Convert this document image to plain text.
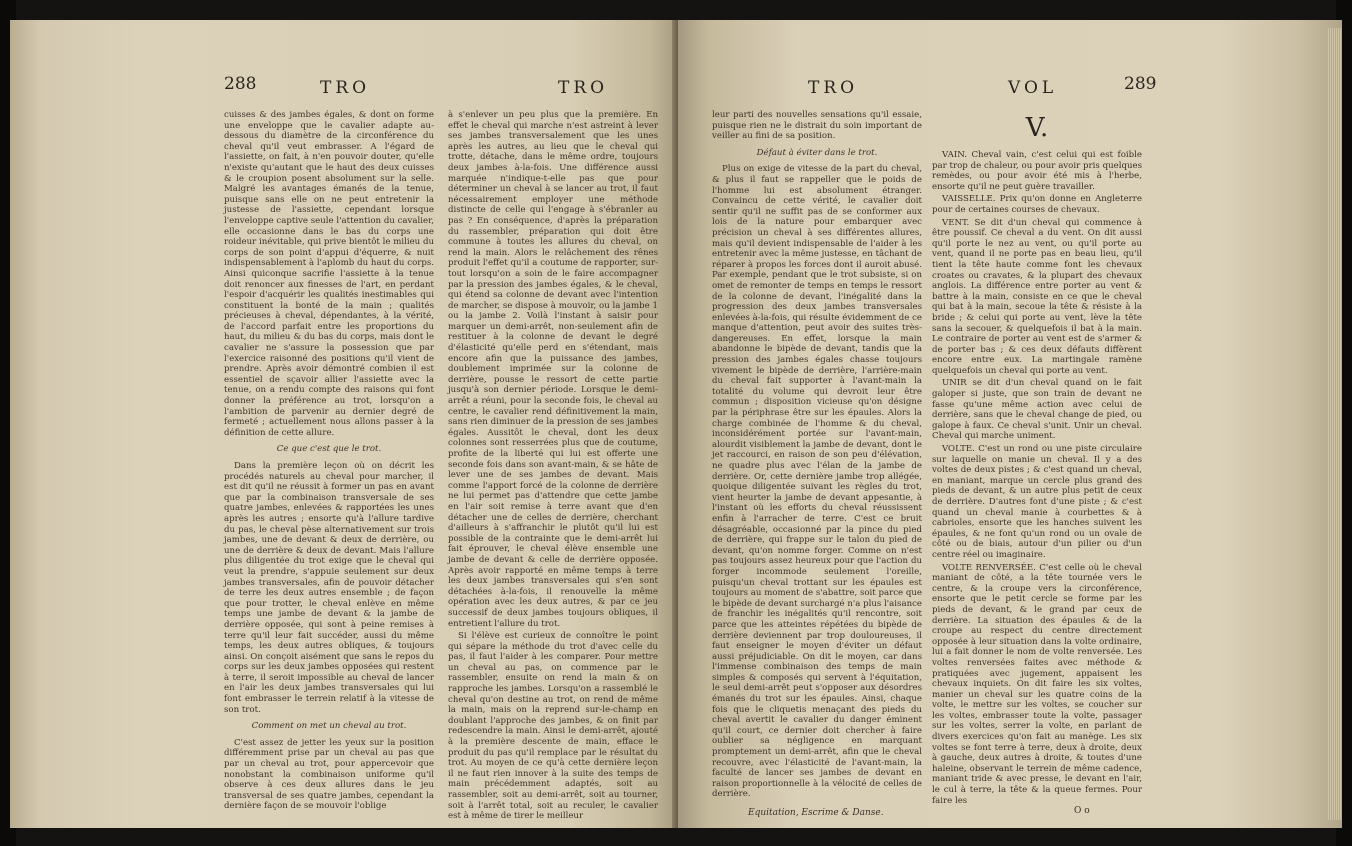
288	TRO	TRO

cuisses & des jambes égales, & dont on forme une enveloppe que le cavalier adapte au-dessous du diamètre de la circonférence du cheval qu'il veut embrasser. A l'égard de l'assiette, on fait, à n'en pouvoir douter, qu'elle n'existe qu'autant que le haut des deux cuisses & le croupion posent absolument sur la selle. Malgré les avantages émanés de la tenue, puisque sans elle on ne peut entretenir la justesse de l'assiette, cependant lorsque l'enveloppe captive seule l'attention du cavalier, elle occasionne dans le bas du corps une roideur inévitable, qui prive bientôt le milieu du corps de son point d'appui d'équerre, & nuit indispensablement à l'aplomb du haut du corps. Ainsi quiconque sacrifie l'assiette à la tenue doit renoncer aux finesses de l'art, en perdant l'espoir d'acquérir les qualités inestimables qui constituent la bonté de la main ; qualités précieuses à cheval, dépendantes, à la vérité, de l'accord parfait entre les proportions du haut, du milieu & du bas du corps, mais dont le cavalier ne s'assure la possession que par l'exercice raisonné des positions qu'il vient de prendre. Après avoir démontré combien il est essentiel de sçavoir allier l'assiette avec la tenue, on a rendu compte des raisons qui font donner la préférence au trot, lorsqu'on a l'ambition de parvenir au dernier degré de fermeté ; actuellement nous allons passer à la définition de cette allure.

Ce que c'est que le trot.

Dans la première leçon où on décrit les procédés naturels au cheval pour marcher, il est dit qu'il ne réussit à former un pas en avant que par la combinaison transversale de ses quatre jambes, enlevées & rapportées les unes après les autres ; ensorte qu'à l'allure tardive du pas, le cheval pèse alternativement sur trois jambes, une de devant & deux de derrière, ou une de derrière & deux de devant. Mais l'allure plus diligentée du trot exige que le cheval qui veut la prendre, s'appuie seulement sur deux jambes transversales, afin de pouvoir détacher de terre les deux autres ensemble ; de façon que pour trotter, le cheval enlève en même temps une jambe de devant & la jambe de derrière opposée, qui sont à peine remises à terre qu'il leur fait succéder, aussi du même temps, les deux autres obliques, & toujours ainsi. On conçoit aisément que sans le repos du corps sur les deux jambes opposées qui restent à terre, il seroit impossible au cheval de lancer en l'air les deux jambes transversales qui lui font embrasser le terrein relatif à la vitesse de son trot.

Comment on met un cheval au trot.

C'est assez de jetter les yeux sur la position différemment prise par un cheval au pas que par un cheval au trot, pour appercevoir que nonobstant la combinaison uniforme qu'il observe à ces deux allures dans le jeu transversal de ses quatre jambes, cependant la dernière façon de se mouvoir l'oblige

à s'enlever un peu plus que la première. En effet le cheval qui marche n'est astreint à lever ses jambes transversalement que les unes après les autres, au lieu que le cheval qui trotte, détache, dans le même ordre, toujours deux jambes à-la-fois. Une différence aussi marquée n'indique-t-elle pas que pour déterminer un cheval à se lancer au trot, il faut nécessairement employer une méthode distincte de celle qui l'engage à s'ébranler au pas ? En conséquence, d'après la préparation du rassembler, préparation qui doit être commune à toutes les allures du cheval, on rend la main. Alors le relâchement des rênes produit l'effet qu'il a coutume de rapporter, sur-tout lorsqu'on a soin de le faire accompagner par la pression des jambes égales, & le cheval, qui étend sa colonne de devant avec l'intention de marcher, se dispose à mouvoir, ou la jambe 1 ou la jambe 2. Voilà l'instant à saisir pour marquer un demi-arrêt, non-seulement afin de restituer à la colonne de devant le degré d'élasticité qu'elle perd en s'étendant, mais encore afin que la puissance des jambes, doublement imprimée sur la colonne de derrière, pousse le ressort de cette partie jusqu'à son dernier période. Lorsque le demi-arrêt a réuni, pour la seconde fois, le cheval au centre, le cavalier rend définitivement la main, sans rien diminuer de la pression de ses jambes égales. Aussitôt le cheval, dont les deux colonnes sont resserrées plus que de coutume, profite de la liberté qui lui est offerte une seconde fois dans son avant-main, & se hâte de lever une de ses jambes de devant. Mais comme l'apport forcé de la colonne de derrière ne lui permet pas d'attendre que cette jambe en l'air soit remise à terre avant que d'en détacher une de celles de derrière, cherchant d'ailleurs à s'affranchir le plutôt qu'il lui est possible de la contrainte que le demi-arrêt lui fait éprouver, le cheval élève ensemble une jambe de devant & celle de derrière opposée. Après avoir rapporté en même temps à terre les deux jambes transversales qui s'en sont détachées à-la-fois, il renouvelle la même opération avec les deux autres, & par ce jeu successif de deux jambes toujours obliques, il entretient l'allure du trot.

Si l'élève est curieux de connoître le point qui sépare la méthode du trot d'avec celle du pas, il faut l'aider à les comparer. Pour mettre un cheval au pas, on commence par le rassembler, ensuite on rend la main & on rapproche les jambes. Lorsqu'on a rassemblé le cheval qu'on destine au trot, on rend de même la main, mais on la reprend sur-le-champ en doublant l'approche des jambes, & on finit par redescendre la main. Ainsi le demi-arrêt, ajouté à la première descente de main, efface le produit du pas qu'il remplace par le résultat du trot. Au moyen de ce qu'à cette dernière leçon il ne faut rien innover à la suite des temps de main précédemment adaptés, soit au rassembler, soit au demi-arrêt, soit au tourner, soit à l'arrêt total, soit au reculer, le cavalier est à même de tirer le meilleur

TRO	VOL	289

leur parti des nouvelles sensations qu'il essaie, puisque rien ne le distrait du soin important de veiller au fini de sa position.

Défaut à éviter dans le trot.

Plus on exige de vitesse de la part du cheval, & plus il faut se rappeller que le poids de l'homme lui est absolument étranger. Convaincu de cette vérité, le cavalier doit sentir qu'il ne suffit pas de se conformer aux lois de la nature pour embarquer avec précision un cheval à ses différentes allures, mais qu'il devient indispensable de l'aider à les entretenir avec la même justesse, en tâchant de réparer à propos les forces dont il auroit abusé. Par exemple, pendant que le trot subsiste, si on omet de remonter de temps en temps le ressort de la colonne de devant, l'inégalité dans la progression des deux jambes transversales enlevées à-la-fois, qui résulte évidemment de ce manque d'attention, peut avoir des suites très-dangereuses. En effet, lorsque la main abandonne le bipède de devant, tandis que la pression des jambes égales chasse toujours vivement le bipède de derrière, l'arrière-main du cheval fait supporter à l'avant-main la totalité du volume qui devroit leur être commun ; disposition vicieuse qu'on désigne par la périphrase être sur les épaules. Alors la charge combinée de l'homme & du cheval, inconsidérément portée sur l'avant-main, alourdit visiblement la jambe de devant, dont le jet raccourci, en raison de son peu d'élévation, ne quadre plus avec l'élan de la jambe de derrière. Or, cette dernière jambe trop allégée, quoique diligentée suivant les règles du trot, vient heurter la jambe de devant appesantie, à l'instant où les efforts du cheval réussissent enfin à l'arracher de terre. C'est ce bruit désagréable, occasionné par la pince du pied de derrière, qui frappe sur le talon du pied de devant, qu'on nomme forger. Comme on n'est pas toujours assez heureux pour que l'action du forger incommode seulement l'oreille, puisqu'un cheval trottant sur les épaules est toujours au moment de s'abattre, soit parce que le bipède de devant surchargé n'a plus l'aisance de franchir les inégalités qu'il rencontre, soit parce que les atteintes répétées du bipède de derrière deviennent par trop douloureuses, il faut enseigner le moyen d'éviter un défaut aussi préjudiciable. On dit le moyen, car dans l'immense combinaison des temps de main simples & composés qui servent à l'équitation, le seul demi-arrêt peut s'opposer aux désordres émanés du trot sur les épaules. Ainsi, chaque fois que le cliquetis menaçant des pieds du cheval avertit le cavalier du danger éminent qu'il court, ce dernier doit chercher à faire oublier sa négligence en marquant promptement un demi-arrêt, afin que le cheval recouvre, avec l'élasticité de l'avant-main, la faculté de lancer ses jambes de devant en raison proportionnelle à la vélocité de celles de derrière.

V.

VAIN. Cheval vain, c'est celui qui est foible par trop de chaleur, ou pour avoir pris quelques remèdes, ou pour avoir été mis à l'herbe, ensorte qu'il ne peut guère travailler.

VAISSELLE. Prix qu'on donne en Angleterre pour de certaines courses de chevaux.

VENT. Se dit d'un cheval qui commence à être poussif. Ce cheval a du vent. On dit aussi qu'il porte le nez au vent, ou qu'il porte au vent, quand il ne porte pas en beau lieu, qu'il tient la tête haute comme font les chevaux croates ou cravates, & la plupart des chevaux anglois. La différence entre porter au vent & battre à la main, consiste en ce que le cheval qui bat à la main, secoue la tête & résiste à la bride ; & celui qui porte au vent, lève la tête sans la secouer, & quelquefois il bat à la main. Le contraire de porter au vent est de s'armer & de porter bas ; & ces deux défauts diffèrent encore entre eux. La martingale ramène quelquefois un cheval qui porte au vent.

UNIR se dit d'un cheval quand on le fait galoper si juste, que son train de devant ne fasse qu'une même action avec celui de derrière, sans que le cheval change de pied, ou galope à faux. Ce cheval s'unit. Unir un cheval. Cheval qui marche uniment.

VOLTE. C'est un rond ou une piste circulaire sur laquelle on manie un cheval. Il y a des voltes de deux pistes ; & c'est quand un cheval, en maniant, marque un cercle plus grand des pieds de devant, & un autre plus petit de ceux de derrière. D'autres font d'une piste ; & c'est quand un cheval manie à courbettes & à cabrioles, ensorte que les hanches suivent les épaules, & ne font qu'un rond ou un ovale de côté ou de biais, autour d'un pilier ou d'un centre réel ou imaginaire.

VOLTE RENVERSÉE. C'est celle où le cheval maniant de côté, a la tête tournée vers le centre, & la croupe vers la circonférence, ensorte que le petit cercle se forme par les pieds de devant, & le grand par ceux de derrière. La situation des épaules & de la croupe au respect du centre directement opposée à leur situation dans la volte ordinaire, lui a fait donner le nom de volte renversée. Les voltes renversées faites avec méthode & pratiquées avec jugement, appaisent les chevaux inquiets. On dit faire les six voltes, manier un cheval sur les quatre coins de la volte, le mettre sur les voltes, se coucher sur les voltes, embrasser toute la volte, passager sur les voltes, serrer la volte, en parlant de divers exercices qu'on fait au manège. Les six voltes se font terre à terre, deux à droite, deux à gauche, deux autres à droite, & toutes d'une haleine, observant le terrein de même cadence, maniant tride & avec presse, le devant en l'air, le cul à terre, la tête & la queue fermes. Pour faire les

Equitation, Escrime & Danse.	O o
